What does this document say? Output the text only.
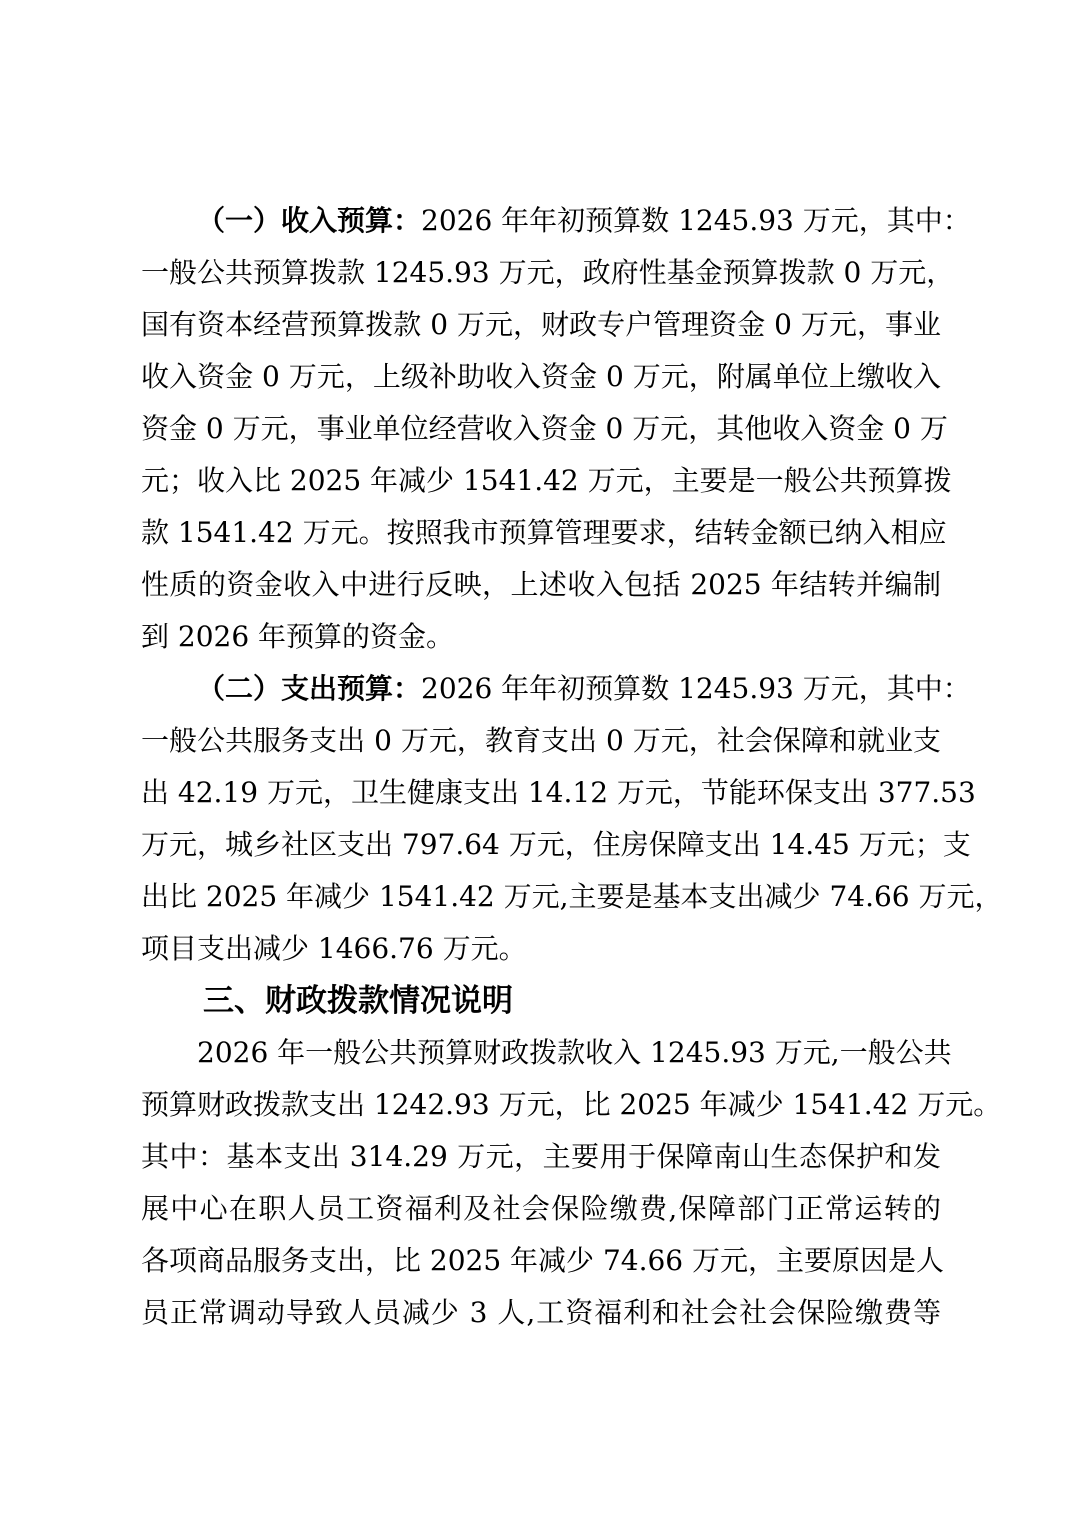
（一）收入预算：2026 年年初预算数 1245.93 万元，其中：
一般公共预算拨款 1245.93 万元，政府性基金预算拨款 0 万元，
国有资本经营预算拨款 0 万元，财政专户管理资金 0 万元，事业
收入资金 0 万元，上级补助收入资金 0 万元，附属单位上缴收入
资金 0 万元，事业单位经营收入资金 0 万元，其他收入资金 0 万
元；收入比 2025 年减少 1541.42 万元，主要是一般公共预算拨
款 1541.42 万元。按照我市预算管理要求，结转金额已纳入相应
性质的资金收入中进行反映，上述收入包括 2025 年结转并编制
到 2026 年预算的资金。
（二）支出预算：2026 年年初预算数 1245.93 万元，其中：
一般公共服务支出 0 万元，教育支出 0 万元，社会保障和就业支
出 42.19 万元，卫生健康支出 14.12 万元，节能环保支出 377.53
万元，城乡社区支出 797.64 万元，住房保障支出 14.45 万元；支
出比 2025 年减少 1541.42 万元,主要是基本支出减少 74.66 万元，
项目支出减少 1466.76 万元。
三、财政拨款情况说明
2026 年一般公共预算财政拨款收入 1245.93 万元,一般公共
预算财政拨款支出 1242.93 万元，比 2025 年减少 1541.42 万元。
其中：基本支出 314.29 万元，主要用于保障南山生态保护和发
展中心在职人员工资福利及社会保险缴费,保障部门正常运转的
各项商品服务支出，比 2025 年减少 74.66 万元，主要原因是人
员正常调动导致人员减少 3 人,工资福利和社会社会保险缴费等
